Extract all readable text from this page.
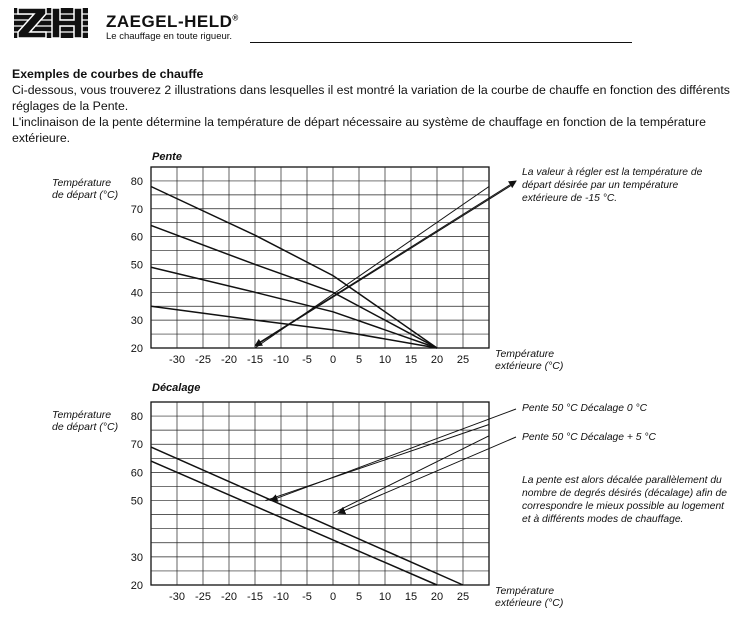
ZAEGEL-HELD®
Le chauffage en toute rigueur.

Exemples de courbes de chauffe

Ci-dessous, vous trouverez 2 illustrations dans lesquelles il est montré la variation de la courbe de chauffe en fonction des différents réglages de la Pente.

L'inclinaison de la pente détermine la température de départ nécessaire au système de chauffage en fonction de la température extérieure.

Pente
Température
de départ (°C)
Température
extérieure (°C)
-30 -25 -20 -15 -10 -5 0 5 10 15 20 25
20
30
40
50
60
70
80
Décalage
Température
de départ (°C)
Température
extérieure (°C)
-30 -25 -20 -15 -10 -5 0 5 10 15 20 25
20
30
50
60
70
80
La valeur à régler est la température de départ désirée par un température extérieure de -15 °C.
Pente 50 °C Décalage 0 °C
Pente 50 °C Décalage + 5 °C
La pente est alors décalée parallèlement du nombre de degrés désirés (décalage) afin de correspondre le mieux possible au logement et à différents modes de chauffage.
